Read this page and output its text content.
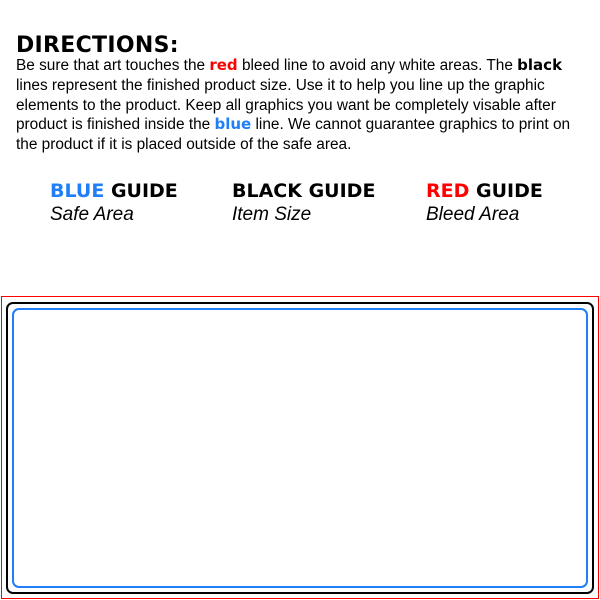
DIRECTIONS:
Be sure that art touches the red bleed line to avoid any white areas. The black lines represent the finished product size. Use it to help you line up the graphic elements to the product. Keep all graphics you want be completely visable after product is finished inside the blue line. We cannot guarantee graphics to print on the product if it is placed outside of the safe area.
BLUE GUIDE
Safe Area
BLACK GUIDE
Item Size
RED GUIDE
Bleed Area
